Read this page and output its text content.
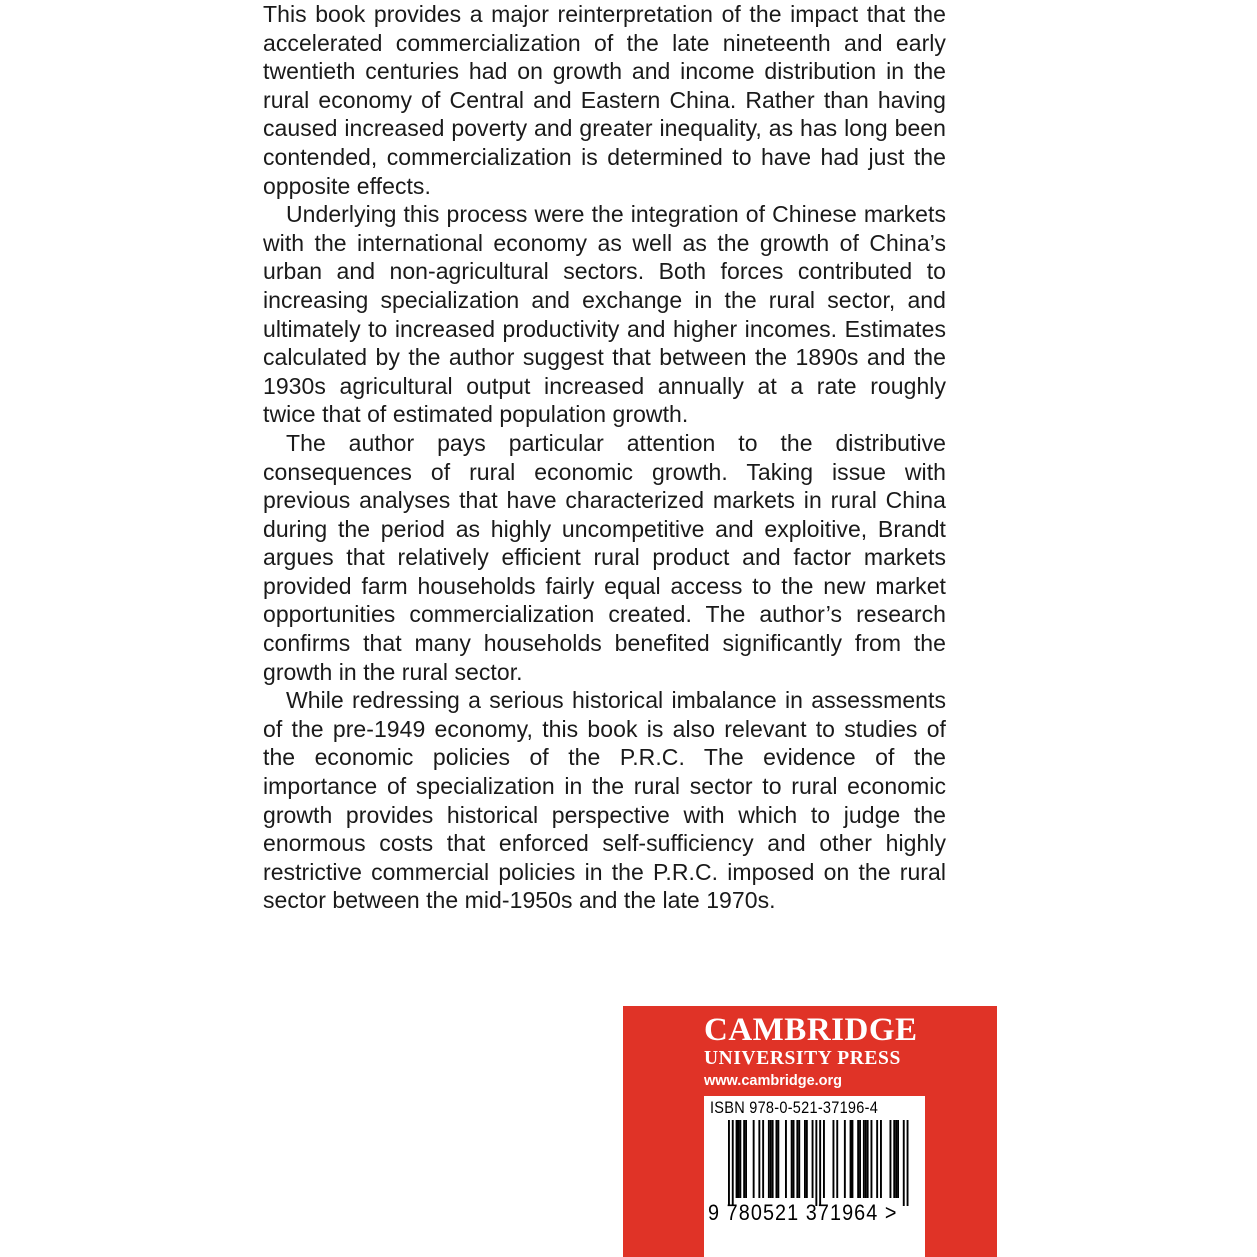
This book provides a major reinterpretation of the impact that the accelerated commercialization of the late nineteenth and early twentieth centuries had on growth and income distribution in the rural economy of Central and Eastern China. Rather than having caused increased poverty and greater inequality, as has long been contended, commercialization is determined to have had just the opposite effects.

Underlying this process were the integration of Chinese markets with the international economy as well as the growth of China’s urban and non-agricultural sectors. Both forces contributed to increasing specialization and exchange in the rural sector, and ultimately to increased productivity and higher incomes. Estimates calculated by the author suggest that between the 1890s and the 1930s agricultural output increased annually at a rate roughly twice that of estimated population growth.

The author pays particular attention to the distributive consequences of rural economic growth. Taking issue with previous analyses that have characterized markets in rural China during the period as highly uncompetitive and exploitive, Brandt argues that relatively efficient rural product and factor markets provided farm households fairly equal access to the new market opportunities commercialization created. The author’s research confirms that many households benefited significantly from the growth in the rural sector.

While redressing a serious historical imbalance in assessments of the pre-1949 economy, this book is also relevant to studies of the economic policies of the P.R.C. The evidence of the importance of specialization in the rural sector to rural economic growth provides historical perspective with which to judge the enormous costs that enforced self-sufficiency and other highly restrictive commercial policies in the P.R.C. imposed on the rural sector between the mid-1950s and the late 1970s.

CAMBRIDGE
UNIVERSITY PRESS
www.cambridge.org
ISBN 978-0-521-37196-4
9 780521 371964 >
